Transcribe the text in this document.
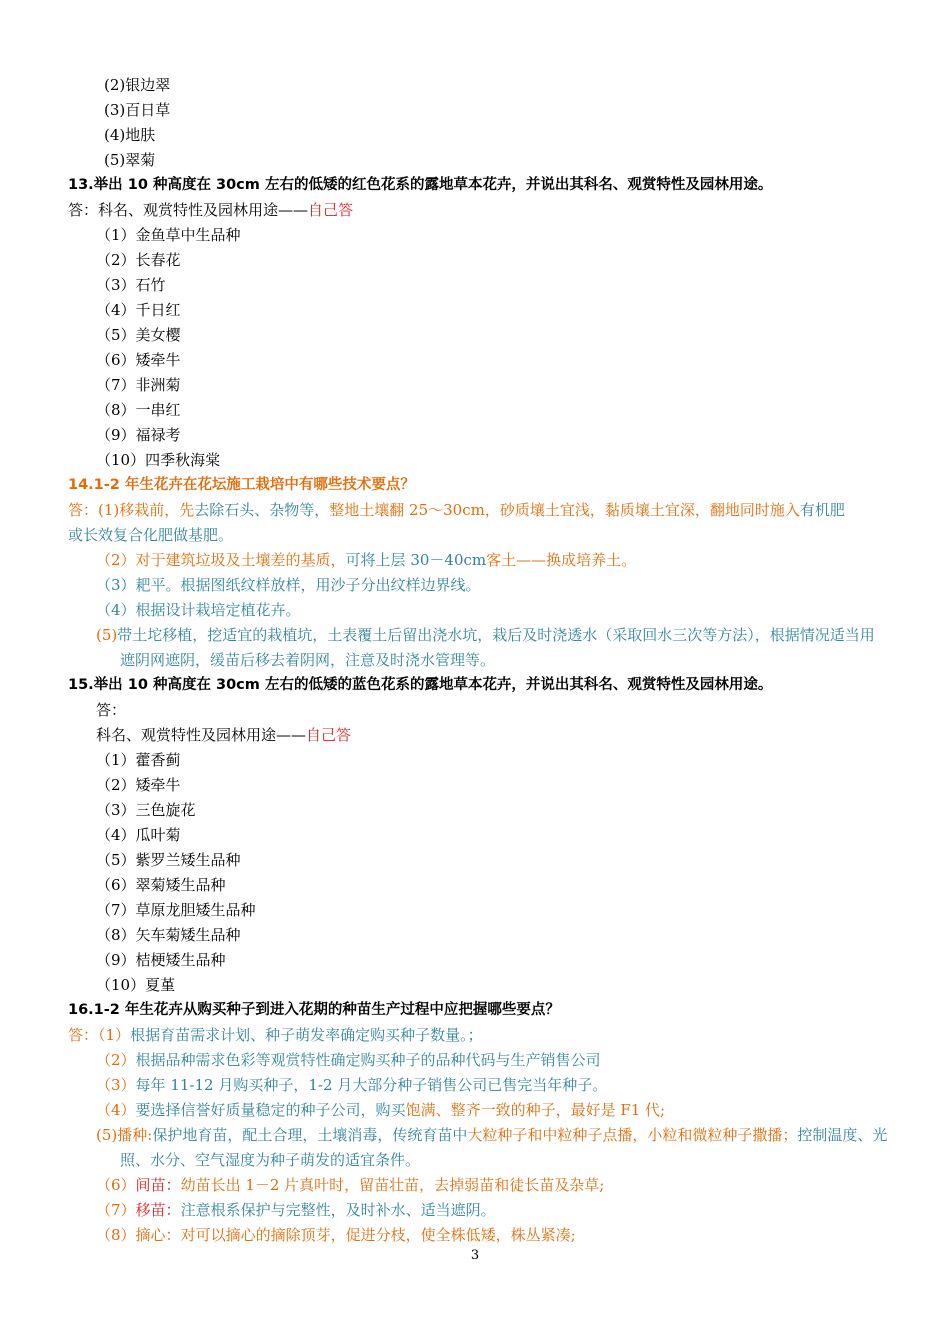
(2)银边翠
(3)百日草
(4)地肤
(5)翠菊
13.举出 10 种高度在 30cm 左右的低矮的红色花系的露地草本花卉，并说出其科名、观赏特性及园林用途。
答：科名、观赏特性及园林用途——自己答
（1）金鱼草中生品种
（2）长春花
（3）石竹
（4）千日红
（5）美女樱
（6）矮牵牛
（7）非洲菊
（8）一串红
（9）福禄考
（10）四季秋海棠
14.1-2 年生花卉在花坛施工栽培中有哪些技术要点？
答：(1)移栽前，先去除石头、杂物等，整地土壤翻 25～30cm，砂质壤土宜浅，黏质壤土宜深，翻地同时施入有机肥
或长效复合化肥做基肥。
（2）对于建筑垃圾及土壤差的基质，可将上层 30－40cm客土——换成培养土。
（3）耙平。根据图纸纹样放样，用沙子分出纹样边界线。
（4）根据设计栽培定植花卉。
(5)带土坨移植，挖适宜的栽植坑，土表覆土后留出浇水坑，栽后及时浇透水（采取回水三次等方法），根据情况适当用遮阴网遮阴，缓苗后移去着阴网，注意及时浇水管理等。
15.举出 10 种高度在 30cm 左右的低矮的蓝色花系的露地草本花卉，并说出其科名、观赏特性及园林用途。
答：
科名、观赏特性及园林用途——自己答
（1）藿香蓟
（2）矮牵牛
（3）三色旋花
（4）瓜叶菊
（5）紫罗兰矮生品种
（6）翠菊矮生品种
（7）草原龙胆矮生品种
（8）矢车菊矮生品种
（9）桔梗矮生品种
（10）夏堇
16.1-2 年生花卉从购买种子到进入花期的种苗生产过程中应把握哪些要点？
答：（1）根据育苗需求计划、种子萌发率确定购买种子数量。；
（2）根据品种需求色彩等观赏特性确定购买种子的品种代码与生产销售公司
（3）每年 11-12 月购买种子，1-2 月大部分种子销售公司已售完当年种子。
（4）要选择信誉好质量稳定的种子公司，购买饱满、整齐一致的种子，最好是 F1 代;
(5)播种:保护地育苗，配土合理，土壤消毒，传统育苗中大粒种子和中粒种子点播，小粒和微粒种子撒播；控制温度、光照、水分、空气湿度为种子萌发的适宜条件。
（6）间苗：幼苗长出 1－2 片真叶时，留苗壮苗，去掉弱苗和徒长苗及杂草;
（7）移苗：注意根系保护与完整性，及时补水、适当遮阴。
（8）摘心：对可以摘心的摘除顶芽，促进分枝，使全株低矮，株丛紧凑;
3
